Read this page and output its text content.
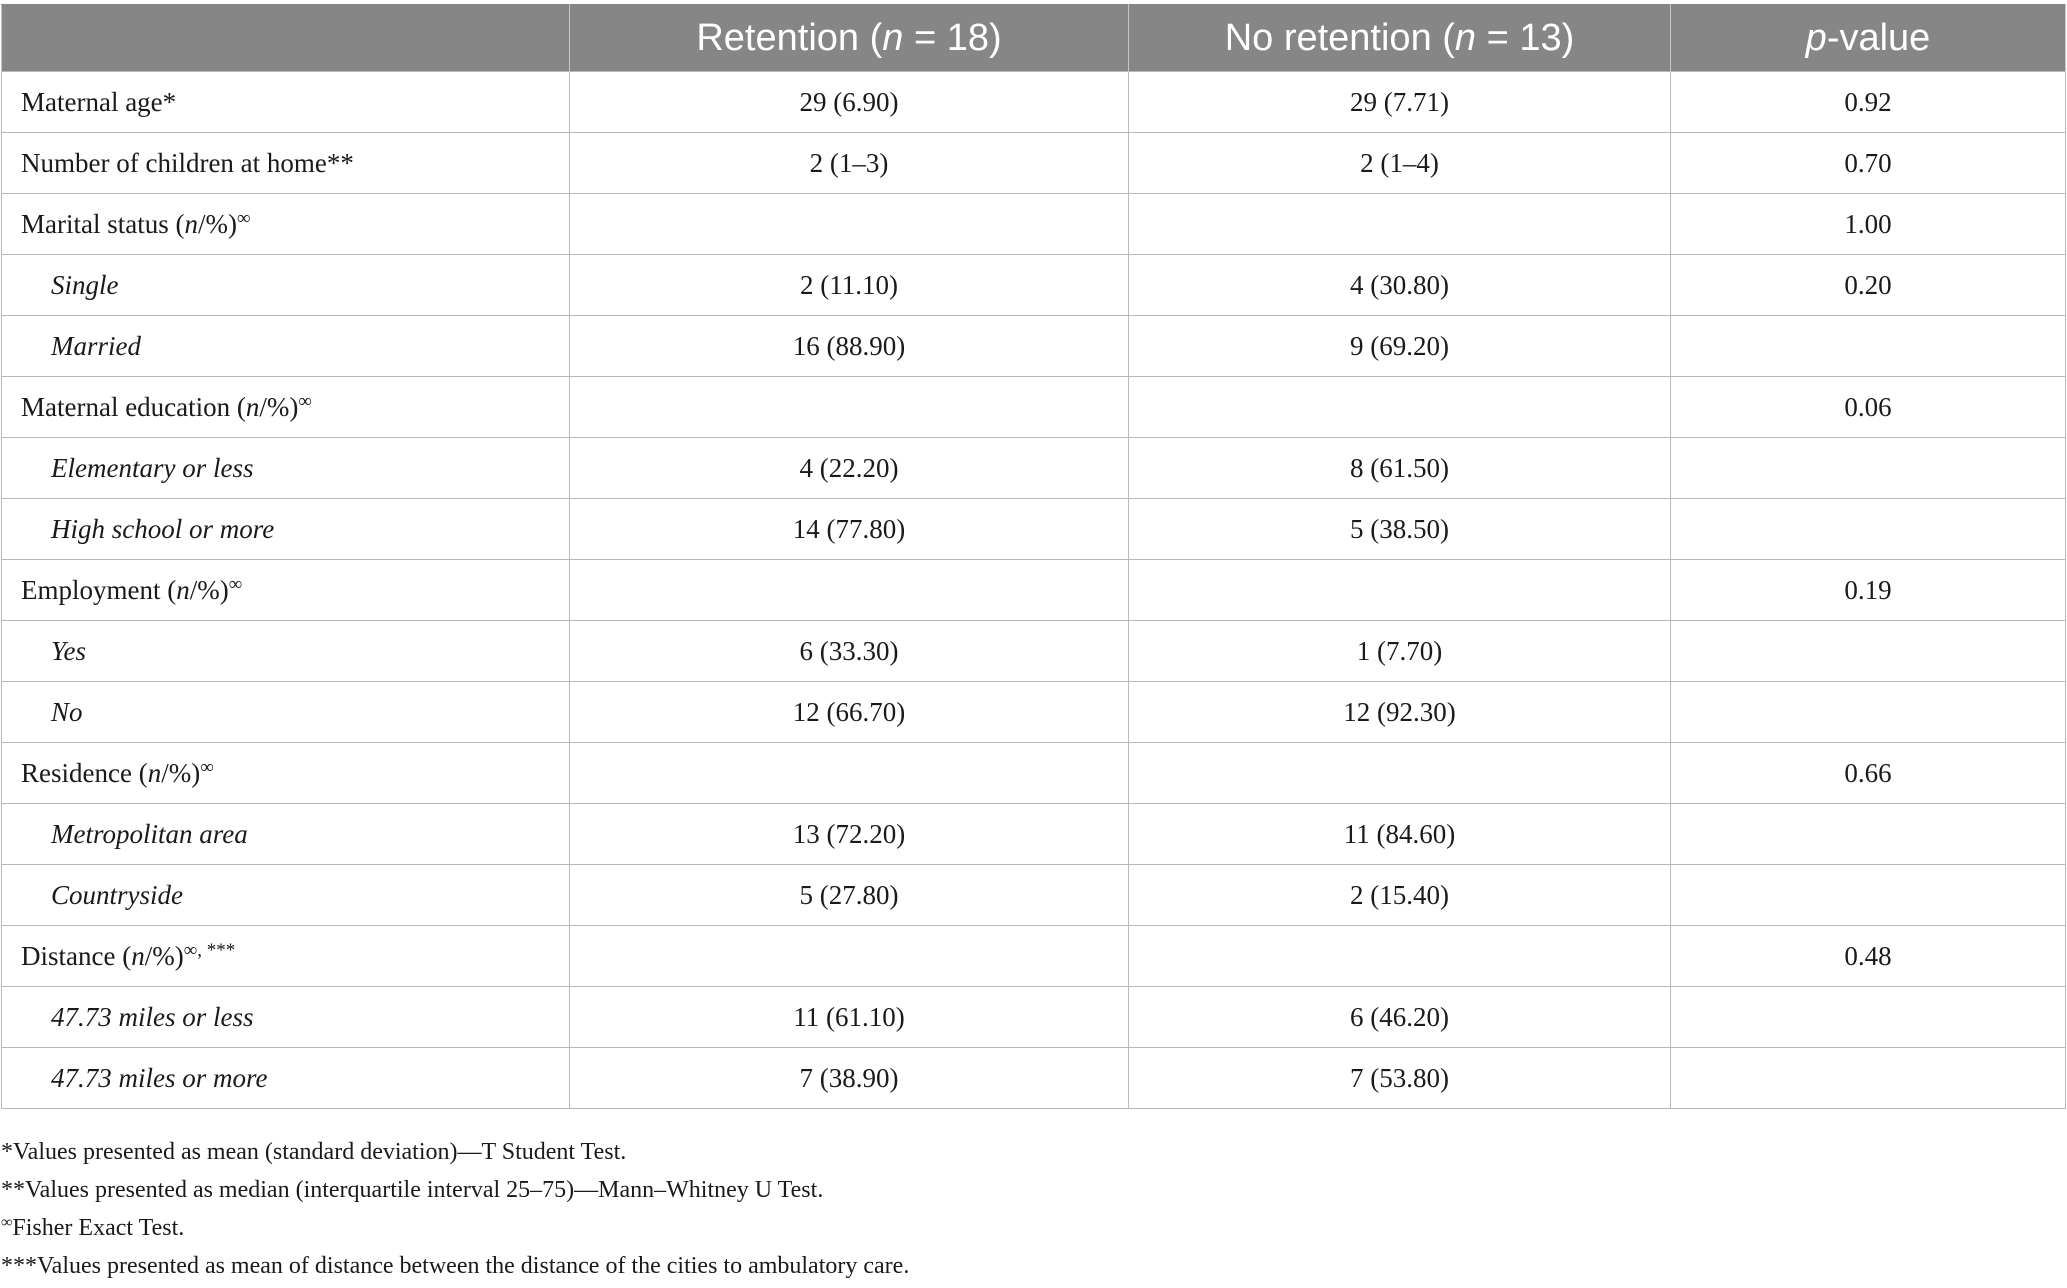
	Retention (n = 18)	No retention (n = 13)	p-value
Maternal age*	29 (6.90)	29 (7.71)	0.92
Number of children at home**	2 (1–3)	2 (1–4)	0.70
Marital status (n/%)∞			1.00
Single	2 (11.10)	4 (30.80)	0.20
Married	16 (88.90)	9 (69.20)	
Maternal education (n/%)∞			0.06
Elementary or less	4 (22.20)	8 (61.50)	
High school or more	14 (77.80)	5 (38.50)	
Employment (n/%)∞			0.19
Yes	6 (33.30)	1 (7.70)	
No	12 (66.70)	12 (92.30)	
Residence (n/%)∞			0.66
Metropolitan area	13 (72.20)	11 (84.60)	
Countryside	5 (27.80)	2 (15.40)	
Distance (n/%)∞, ***			0.48
47.73 miles or less	11 (61.10)	6 (46.20)	
47.73 miles or more	7 (38.90)	7 (53.80)	
*Values presented as mean (standard deviation)—T Student Test.
**Values presented as median (interquartile interval 25–75)—Mann–Whitney U Test.
∞Fisher Exact Test.
***Values presented as mean of distance between the distance of the cities to ambulatory care.
